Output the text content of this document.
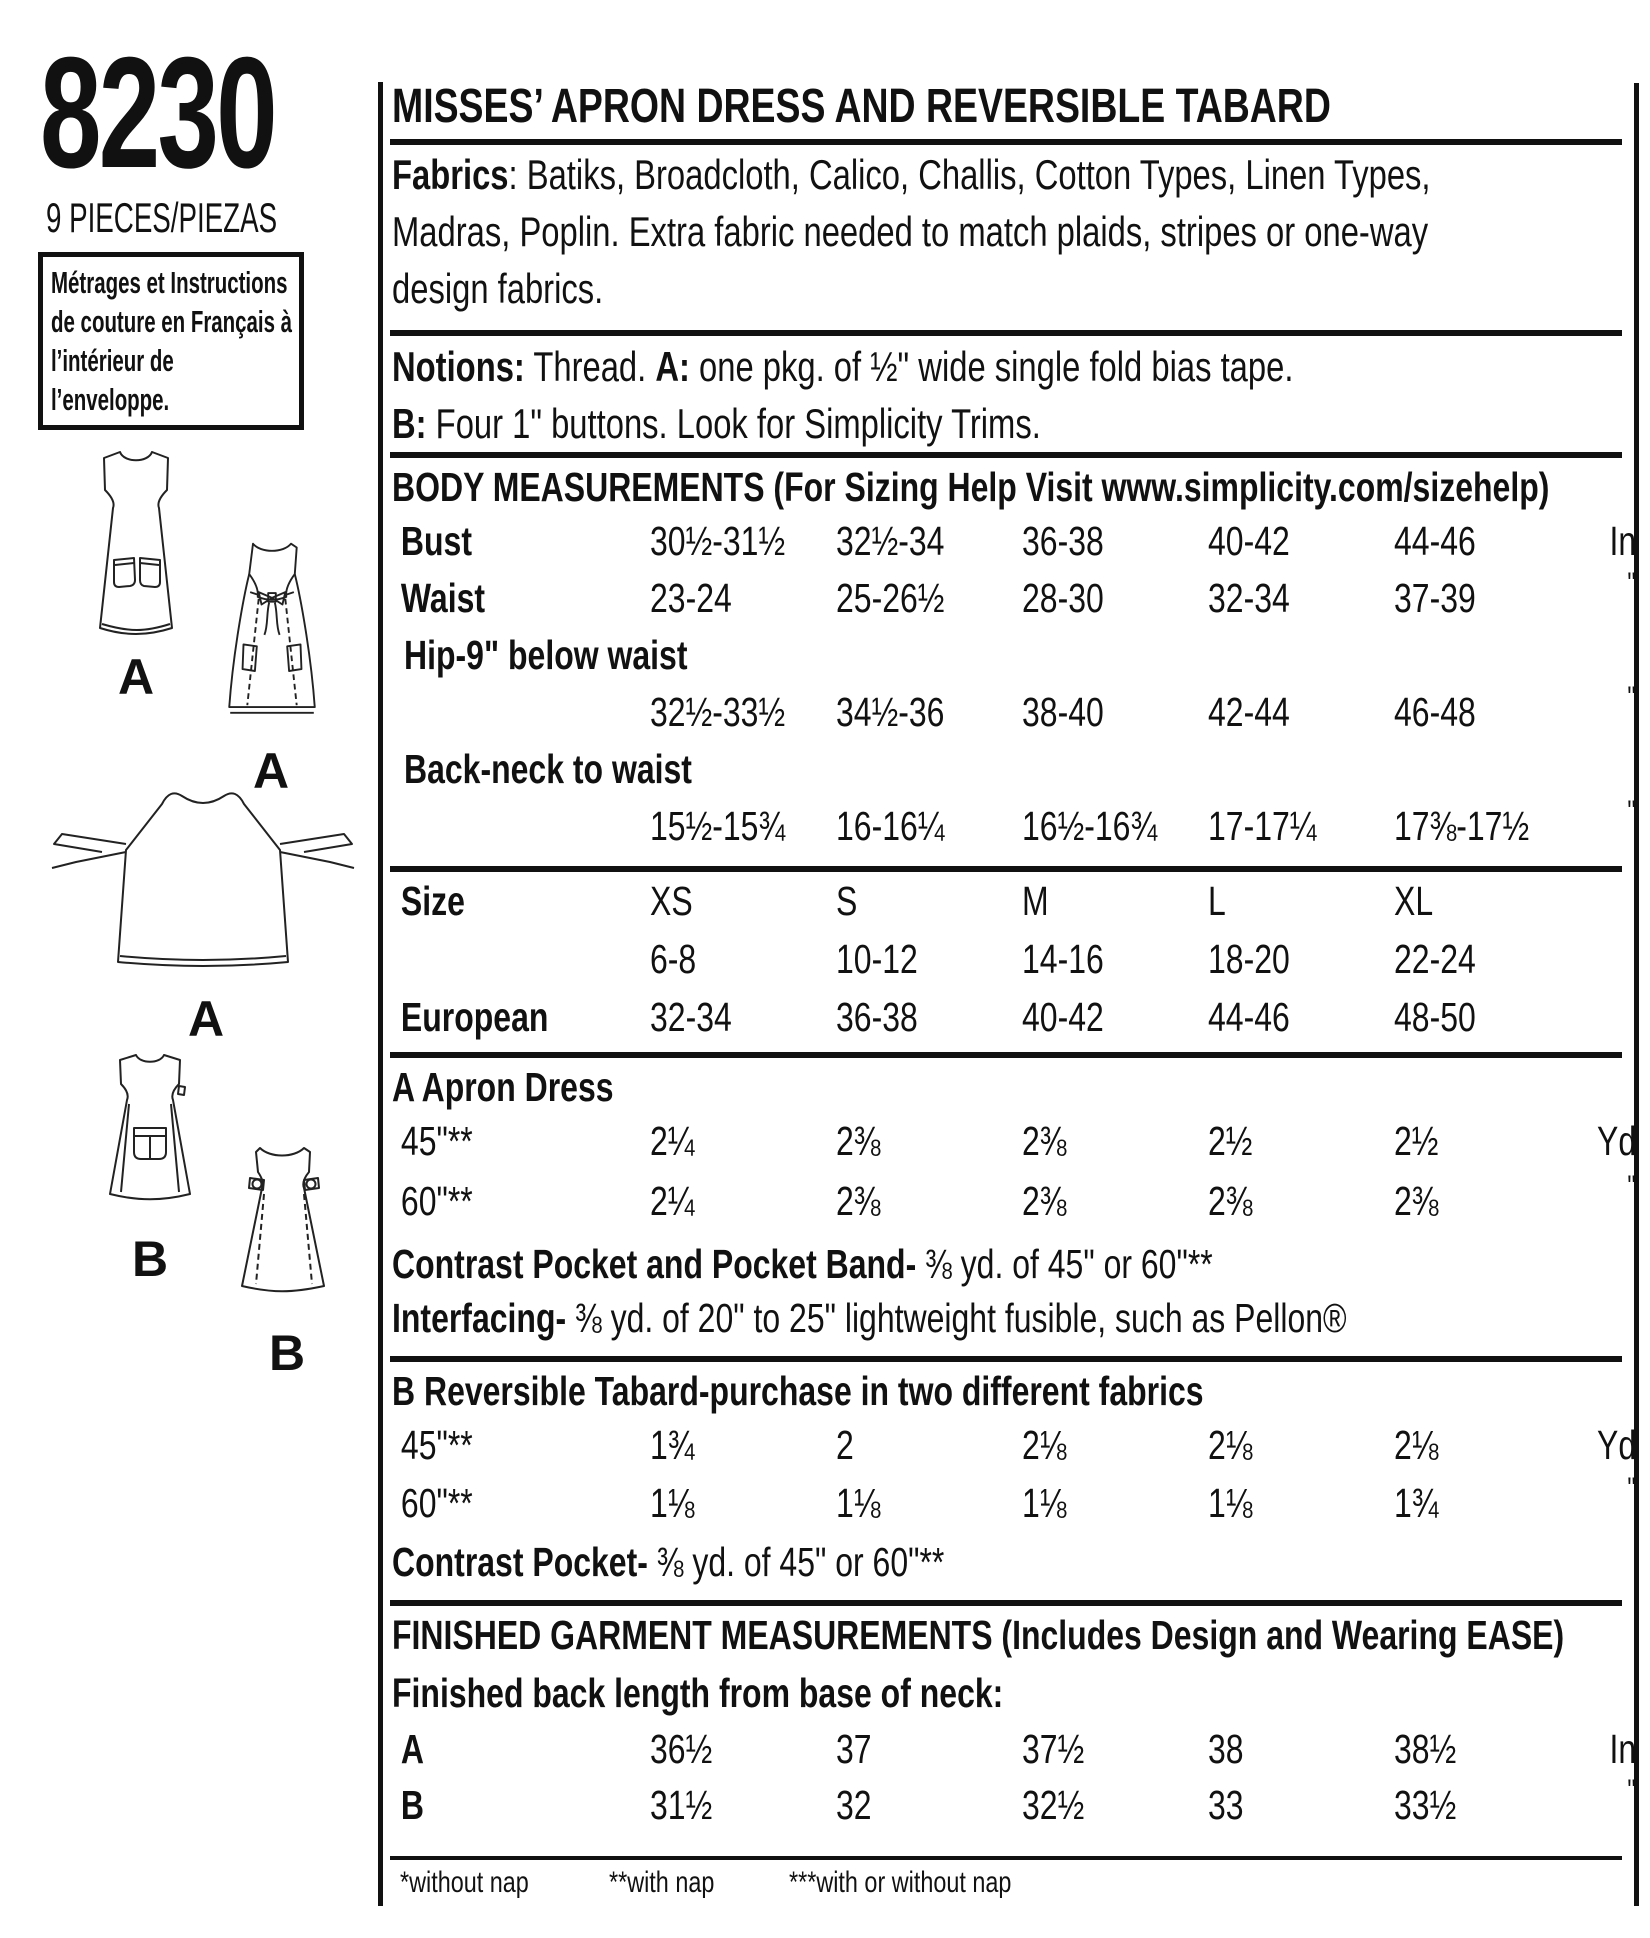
8230
9 PIECES/PIEZAS
Métrages et Instructions
de couture en Français à
l’intérieur de
l’enveloppe.
A
A
A
B
B
MISSES’ APRON DRESS AND REVERSIBLE TABARD
Fabrics: Batiks, Broadcloth, Calico, Challis, Cotton Types, Linen Types,
Madras, Poplin. Extra fabric needed to match plaids, stripes or one-way
design fabrics.
Notions: Thread. A: one pkg. of ½" wide single fold bias tape.
B: Four 1" buttons. Look for Simplicity Trims.
BODY MEASUREMENTS (For Sizing Help Visit www.simplicity.com/sizehelp)
Bust	30½-31½ 32½-34	36-38	40-42	44-46	In
Waist	23-24	25-26½	28-30	32-34	37-39	"
Hip-9" below waist
32½-33½ 34½-36	38-40	42-44	46-48	"
Back-neck to waist
15½-15¾ 16-16¼	16½-16¾ 17-17¼	17⅜-17½	"
Size	XS	S	M	L	XL
6-8	10-12	14-16	18-20	22-24
European	32-34	36-38	40-42	44-46	48-50
A Apron Dress
45"**	2¼	2⅜	2⅜	2½	2½	Yd
60"**	2¼	2⅜	2⅜	2⅜	2⅜	"
Contrast Pocket and Pocket Band- ⅜ yd. of 45" or 60"**
Interfacing- ⅜ yd. of 20" to 25" lightweight fusible, such as Pellon®
B Reversible Tabard-purchase in two different fabrics
45"**	1¾	2	2⅛	2⅛	2⅛	Yd
60"**	1⅛	1⅛	1⅛	1⅛	1¾	"
Contrast Pocket- ⅜ yd. of 45" or 60"**
FINISHED GARMENT MEASUREMENTS (Includes Design and Wearing EASE)
Finished back length from base of neck:
A	36½	37	37½	38	38½	In
B	31½	32	32½	33	33½	"
*without nap	**with nap ***with or without nap
